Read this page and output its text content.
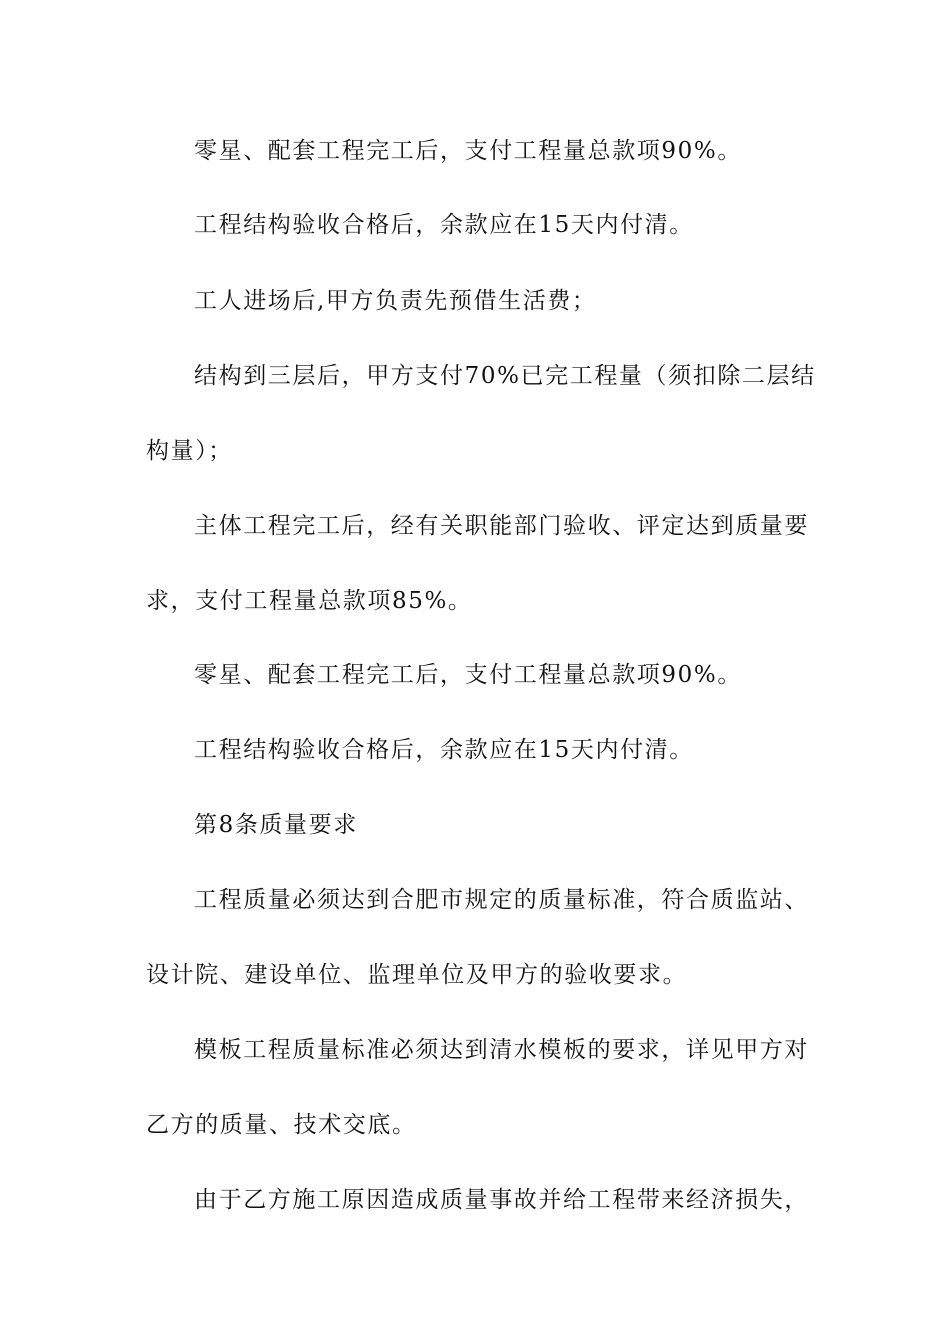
零星、配套工程完工后，支付工程量总款项90%。

工程结构验收合格后，余款应在15天内付清。

工人进场后,甲方负责先预借生活费；

结构到三层后，甲方支付70%已完工程量（须扣除二层结

构量）；

主体工程完工后，经有关职能部门验收、评定达到质量要

求，支付工程量总款项85%。

零星、配套工程完工后，支付工程量总款项90%。

工程结构验收合格后，余款应在15天内付清。

第8条质量要求

工程质量必须达到合肥市规定的质量标准，符合质监站、

设计院、建设单位、监理单位及甲方的验收要求。

模板工程质量标准必须达到清水模板的要求，详见甲方对

乙方的质量、技术交底。

由于乙方施工原因造成质量事故并给工程带来经济损失，
